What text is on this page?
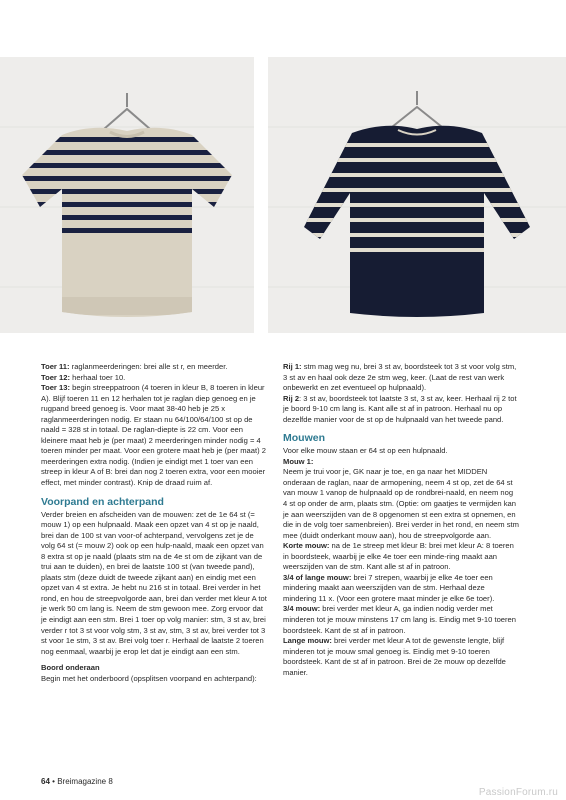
Toer 11: raglanmeerderingen: brei alle st r, en meerder.

Toer 12: herhaal toer 10.

Toer 13: begin streeppatroon (4 toeren in kleur B, 8 toeren in kleur A). Blijf toeren 11 en 12 herhalen tot je raglan diep genoeg en je rugpand breed genoeg is. Voor maat 38-40 heb je 25 x raglanmeerderingen nodig. Er staan nu 64/100/64/100 st op de naald = 328 st in totaal. De raglan-diepte is 22 cm. Voor een kleinere maat heb je (per maat) 2 meerderingen minder nodig = 4 toeren minder per maat. Voor een grotere maat heb je (per maat) 2 meerderingen extra nodig. (Indien je eindigt met 1 toer van een streep in kleur A of B: brei dan nog 2 toeren extra, voor een mooier effect, met minder contrast). Knip de draad ruim af.

Voorpand en achterpand

Verder breien en afscheiden van de mouwen: zet de 1e 64 st (= mouw 1) op een hulpnaald. Maak een opzet van 4 st op je naald, brei dan de 100 st van voor-of achterpand, vervolgens zet je de volg 64 st (= mouw 2) ook op een hulp-naald, maak een opzet van 8 extra st op je naald (plaats stm na de 4e st om de zijkant van de trui aan te duiden), en brei de laatste 100 st (van tweede pand), plaats stm (deze duidt de tweede zijkant aan) en eindig met een opzet van 4 st extra. Je hebt nu 216 st in totaal. Brei verder in het rond, en hou de streepvolgorde aan, brei dan verder met kleur A tot je werk 50 cm lang is. Neem de stm gewoon mee. Zorg ervoor dat je eindigt aan een stm. Brei 1 toer op volg manier: stm, 3 st av, brei verder r tot 3 st voor volg stm, 3 st av, stm, 3 st av, brei verder tot 3 st voor 1e stm, 3 st av. Brei volg toer r. Herhaal de laatste 2 toeren nog eenmaal, waarbij je erop let dat je eindigt aan een stm.

Boord onderaan

Begin met het onderboord (opsplitsen voorpand en achterpand):

Rij 1: stm mag weg nu, brei 3 st av, boordsteek tot 3 st voor volg stm, 3 st av en haal ook deze 2e stm weg, keer. (Laat de rest van werk onbewerkt en zet eventueel op hulpnaald).

Rij 2: 3 st av, boordsteek tot laatste 3 st, 3 st av, keer. Herhaal rij 2 tot je boord 9-10 cm lang is. Kant alle st af in patroon. Herhaal nu op dezelfde manier voor de st op de hulpnaald van het tweede pand.

Mouwen

Voor elke mouw staan er 64 st op een hulpnaald.

Mouw 1:

Neem je trui voor je, GK naar je toe, en ga naar het MIDDEN onderaan de raglan, naar de armopening, neem 4 st op, zet de 64 st van mouw 1 vanop de hulpnaald op de rondbrei-naald, en neem nog 4 st op onder de arm, plaats stm. (Optie: om gaatjes te vermijden kan je aan weerszijden van de 8 opgenomen st een extra st opnemen, en die in de volg toer samenbreien). Brei verder in het rond, en neem stm mee (duidt onderkant mouw aan), hou de streepvolgorde aan.

Korte mouw: na de 1e streep met kleur B: brei met kleur A: 8 toeren in boordsteek, waarbij je elke 4e toer een minde-ring maakt aan weerszijden van de stm. Kant alle st af in patroon.

3/4 of lange mouw: brei 7 strepen, waarbij je elke 4e toer een mindering maakt aan weerszijden van de stm. Herhaal deze mindering 11 x. (Voor een grotere maat minder je elke 6e toer).

3/4 mouw: brei verder met kleur A, ga indien nodig verder met minderen tot je mouw minstens 17 cm lang is. Eindig met 9-10 toeren boordsteek. Kant de st af in patroon.

Lange mouw: brei verder met kleur A tot de gewenste lengte, blijf minderen tot je mouw smal genoeg is. Eindig met 9-10 toeren boordsteek. Kant de st af in patroon. Brei de 2e mouw op dezelfde manier.

64 • Breimagazine 8
PassionForum.ru
